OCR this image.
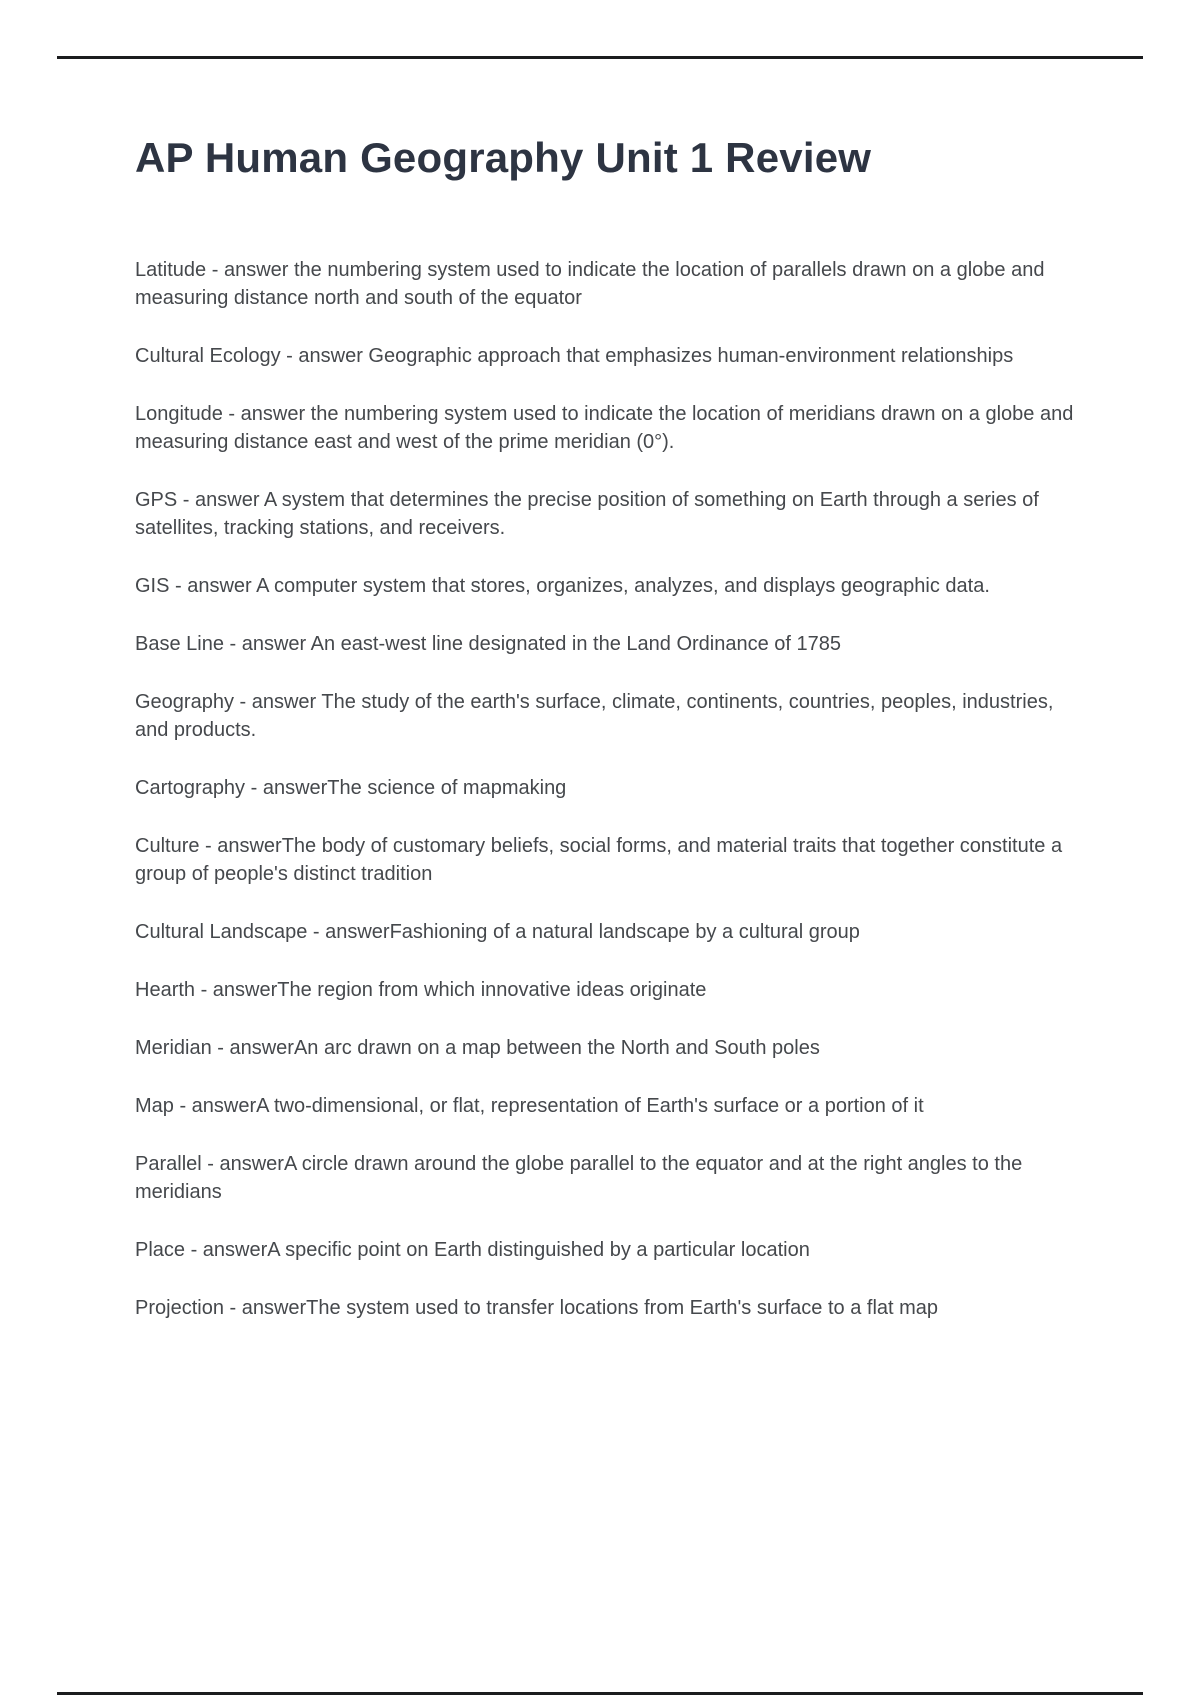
AP Human Geography Unit 1 Review

Latitude - answer the numbering system used to indicate the location of parallels drawn on a globe and measuring distance north and south of the equator

Cultural Ecology - answer Geographic approach that emphasizes human-environment relationships

Longitude - answer the numbering system used to indicate the location of meridians drawn on a globe and measuring distance east and west of the prime meridian (0°).

GPS - answer A system that determines the precise position of something on Earth through a series of satellites, tracking stations, and receivers.

GIS - answer A computer system that stores, organizes, analyzes, and displays geographic data.

Base Line - answer An east-west line designated in the Land Ordinance of 1785

Geography - answer The study of the earth's surface, climate, continents, countries, peoples, industries, and products.

Cartography - answerThe science of mapmaking

Culture - answerThe body of customary beliefs, social forms, and material traits that together constitute a group of people's distinct tradition

Cultural Landscape - answerFashioning of a natural landscape by a cultural group

Hearth - answerThe region from which innovative ideas originate

Meridian - answerAn arc drawn on a map between the North and South poles

Map - answerA two-dimensional, or flat, representation of Earth's surface or a portion of it

Parallel - answerA circle drawn around the globe parallel to the equator and at the right angles to the meridians

Place - answerA specific point on Earth distinguished by a particular location

Projection - answerThe system used to transfer locations from Earth's surface to a flat map
